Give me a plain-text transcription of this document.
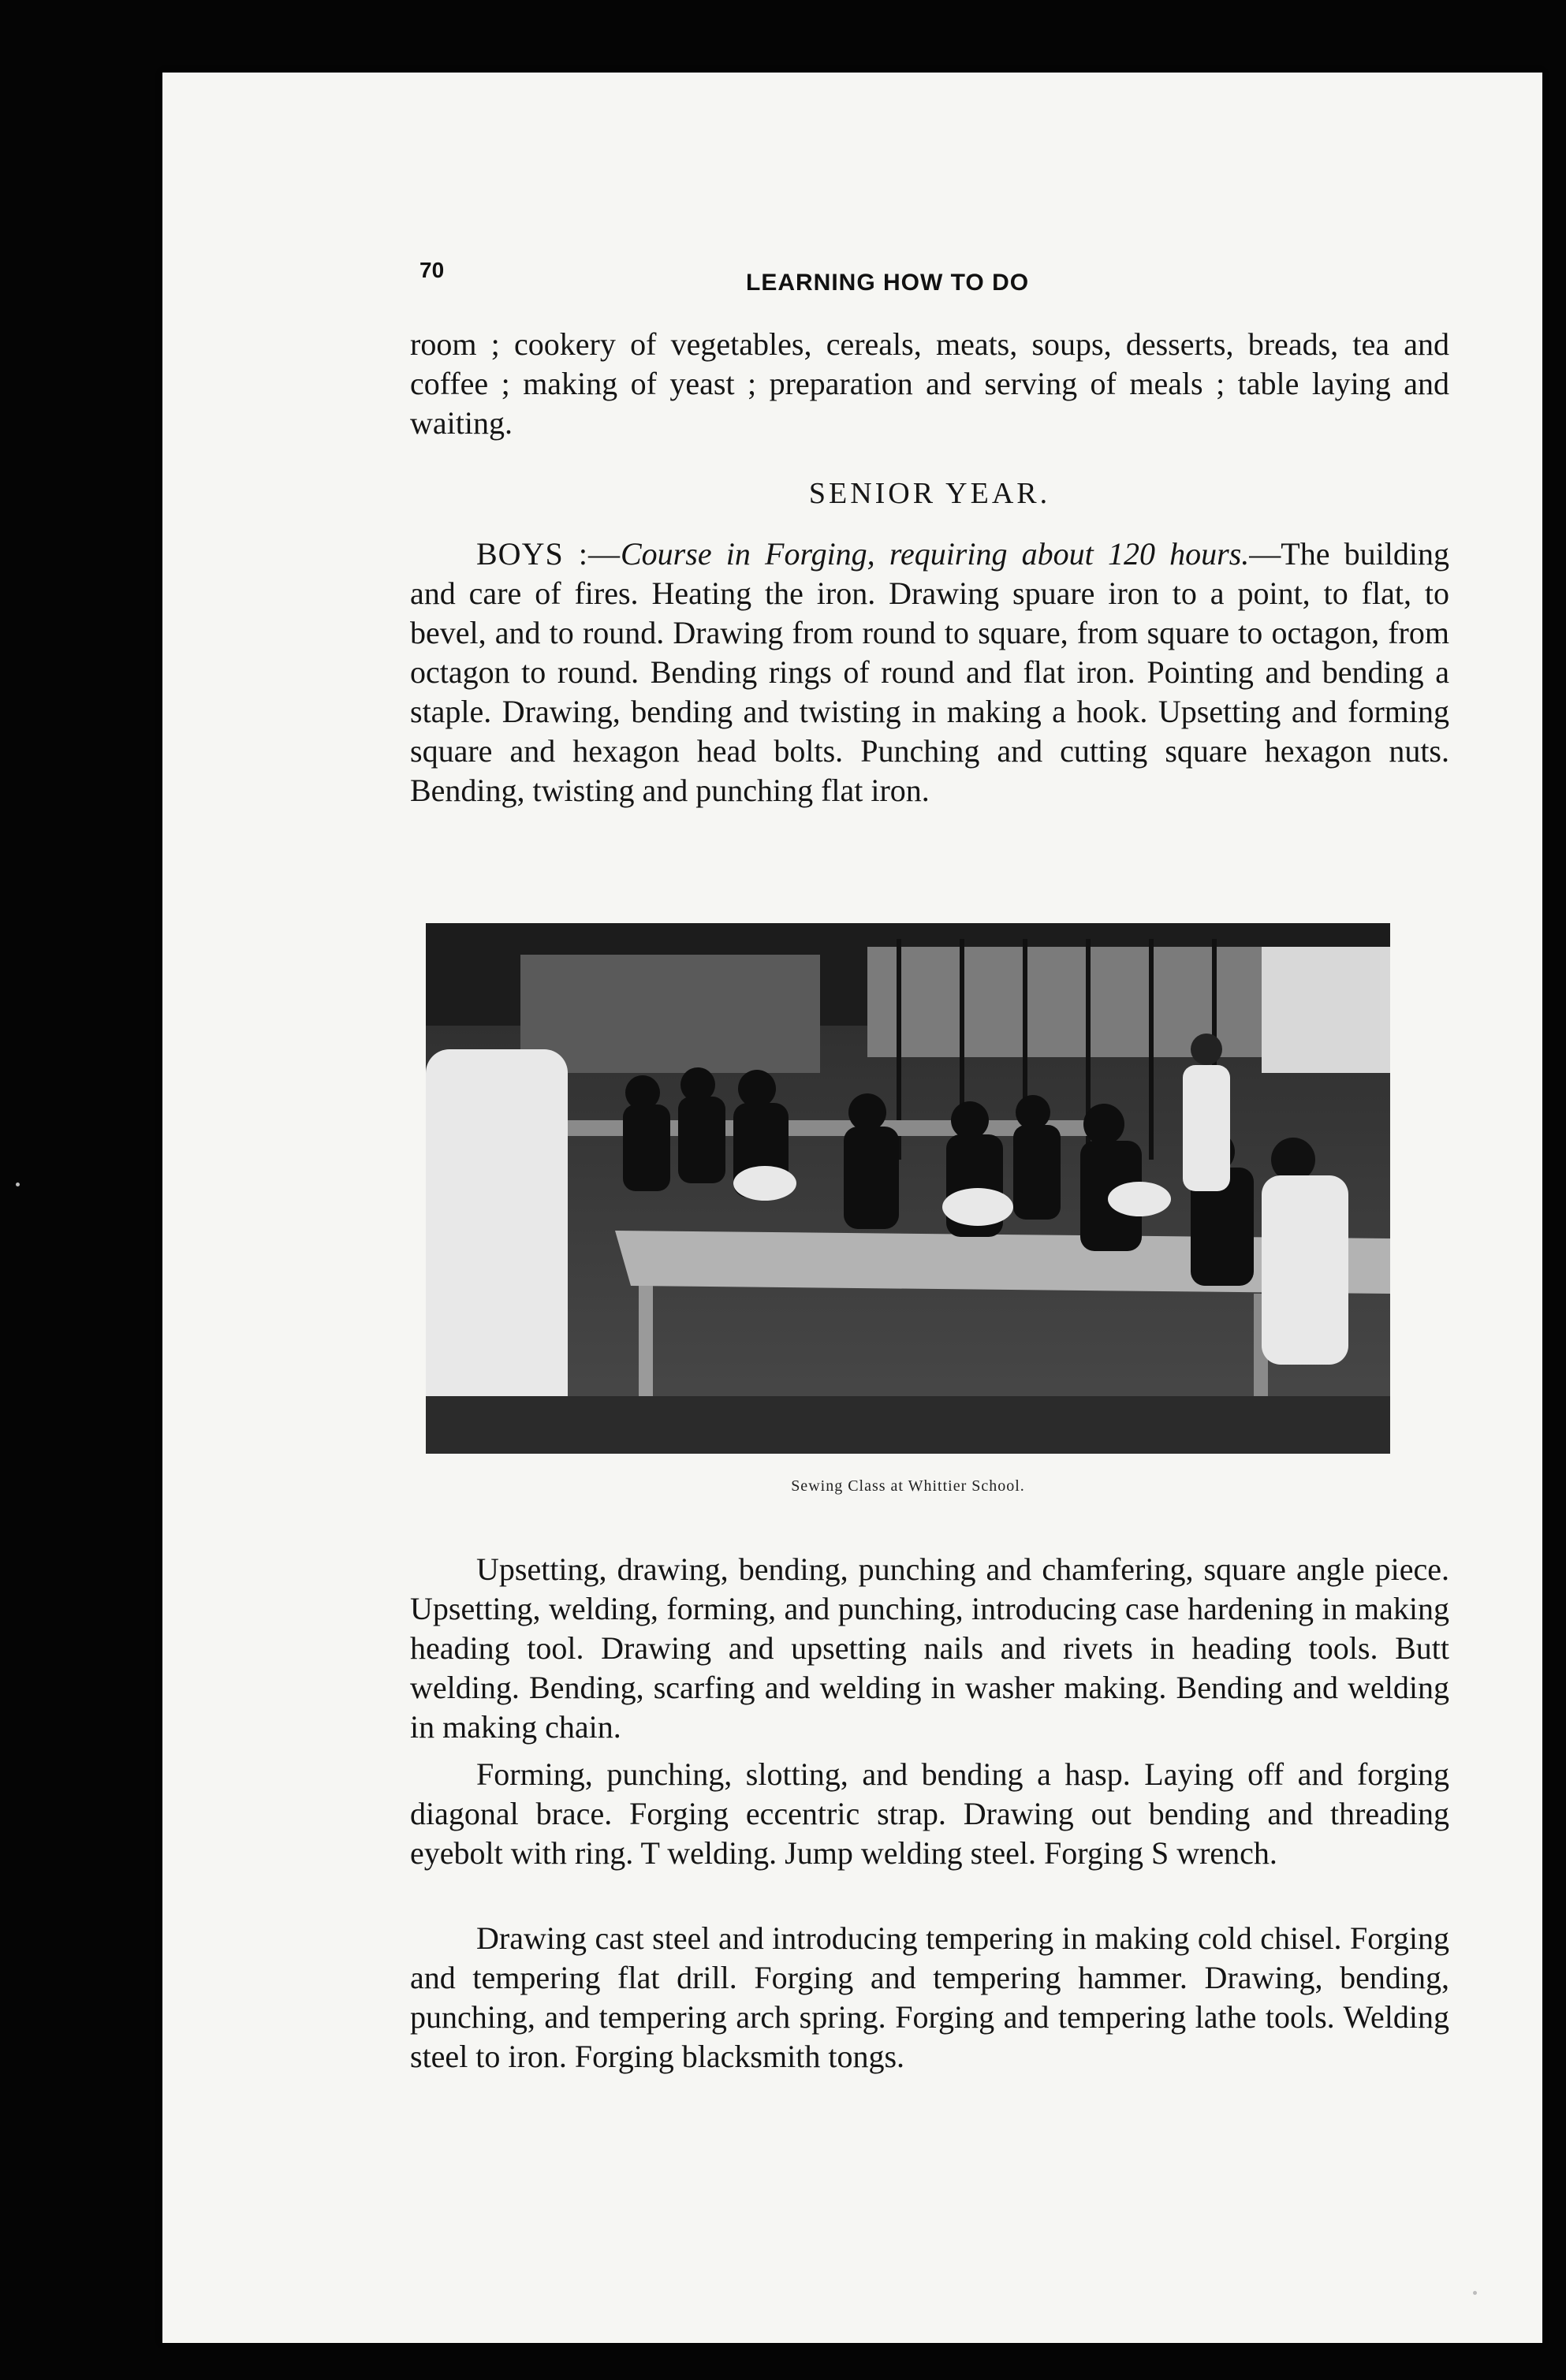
70	LEARNING HOW TO DO

room ; cookery of vegetables, cereals, meats, soups, desserts, breads, tea and coffee ; making of yeast ; preparation and serving of meals ; table laying and waiting.

SENIOR YEAR.

BOYS :—Course in Forging, requiring about 120 hours.—The building and care of fires. Heating the iron. Drawing spuare iron to a point, to flat, to bevel, and to round. Drawing from round to square, from square to octagon, from octagon to round. Bending rings of round and flat iron. Pointing and bending a staple. Drawing, bending and twisting in making a hook. Upsetting and forming square and hexagon head bolts. Punching and cutting square hexagon nuts. Bending, twisting and punching flat iron.

Sewing Class at Whittier School.

Upsetting, drawing, bending, punching and chamfering, square angle piece. Upsetting, welding, forming, and punching, introducing case hardening in making heading tool. Drawing and upsetting nails and rivets in heading tools. Butt welding. Bending, scarfing and welding in washer making. Bending and welding in making chain.

Forming, punching, slotting, and bending a hasp. Laying off and forging diagonal brace. Forging eccentric strap. Drawing out bending and threading eyebolt with ring. T welding. Jump welding steel. Forging S wrench.

Drawing cast steel and introducing tempering in making cold chisel. Forging and tempering flat drill. Forging and tempering hammer. Drawing, bending, punching, and tempering arch spring. Forging and tempering lathe tools. Welding steel to iron. Forging blacksmith tongs.
